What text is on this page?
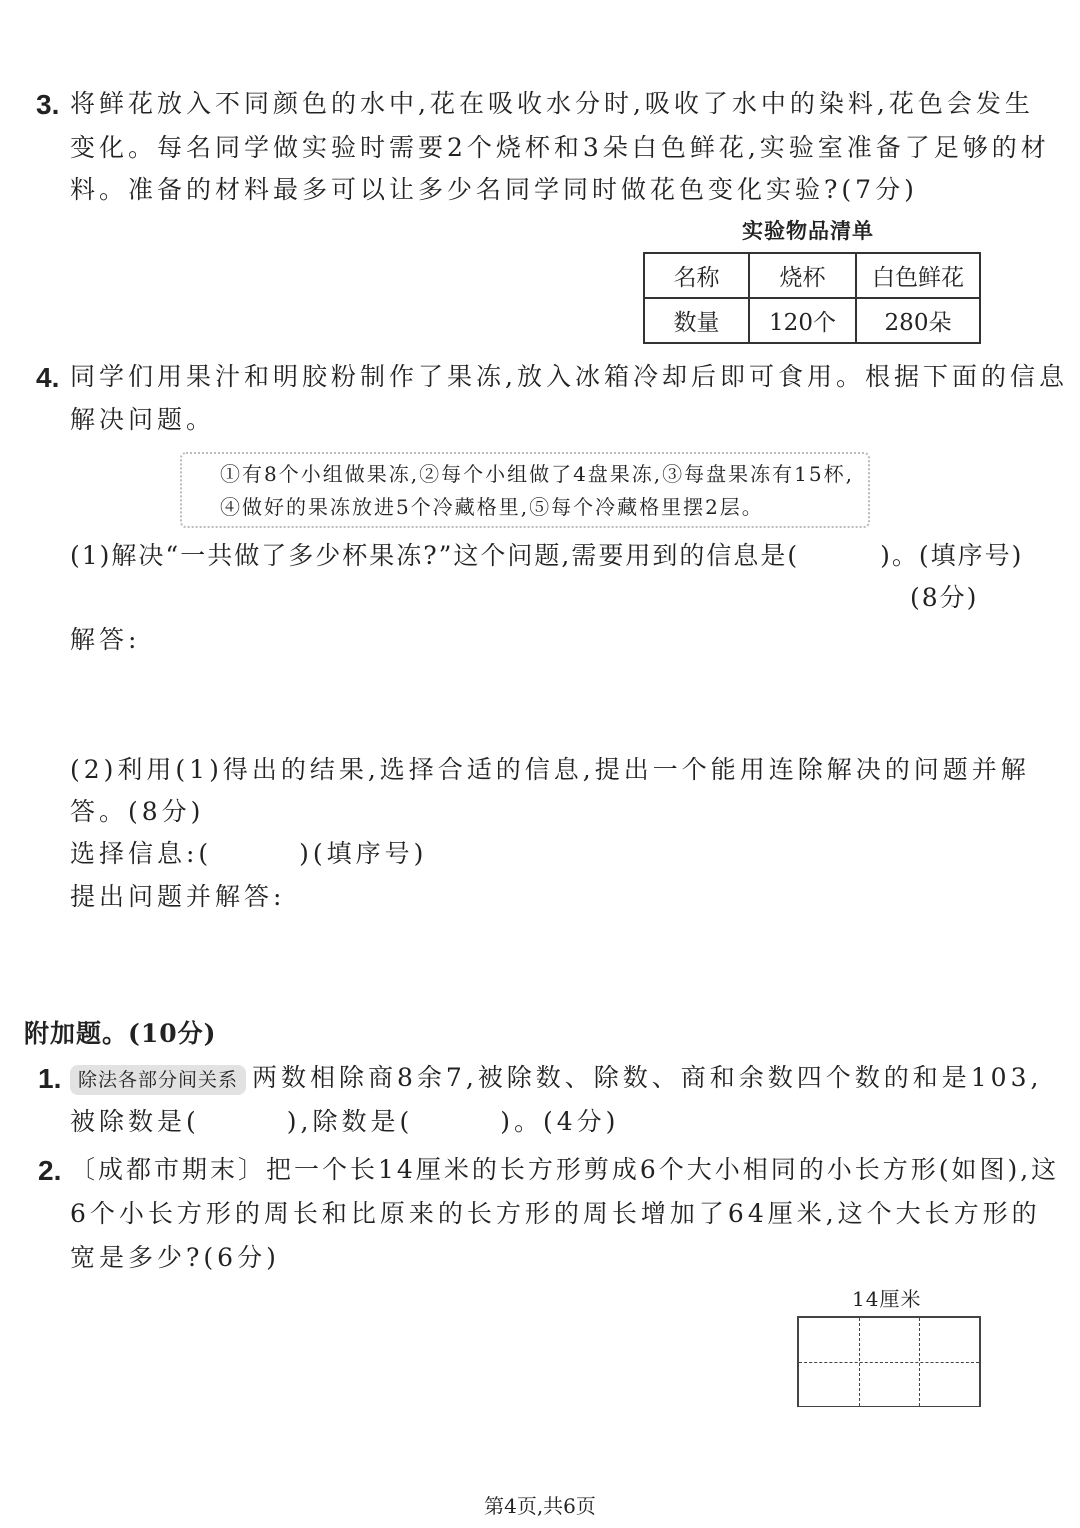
3. 将鲜花放入不同颜色的水中,花在吸收水分时,吸收了水中的染料,花色会发生
变化。每名同学做实验时需要2个烧杯和3朵白色鲜花,实验室准备了足够的材
料。准备的材料最多可以让多少名同学同时做花色变化实验?(7分)
实验物品清单
名称	烧杯	白色鲜花
数量	120个	280朵
4. 同学们用果汁和明胶粉制作了果冻,放入冰箱冷却后即可食用。根据下面的信息
解决问题。
①有8个小组做果冻,②每个小组做了4盘果冻,③每盘果冻有15杯,
④做好的果冻放进5个冷藏格里,⑤每个冷藏格里摆2层。
(1)解决“一共做了多少杯果冻?”这个问题,需要用到的信息是(　　　)。(填序号)
(8分)
解答:
(2)利用(1)得出的结果,选择合适的信息,提出一个能用连除解决的问题并解
答。(8分)
选择信息:(　　　)(填序号)
提出问题并解答:
附加题。(10分)
1. 除法各部分间关系 两数相除商8余7,被除数、除数、商和余数四个数的和是103,
被除数是(　　　),除数是(　　　)。(4分)
2. 〔成都市期末〕把一个长14厘米的长方形剪成6个大小相同的小长方形(如图),这
6个小长方形的周长和比原来的长方形的周长增加了64厘米,这个大长方形的
宽是多少?(6分)
14厘米
第4页,共6页
